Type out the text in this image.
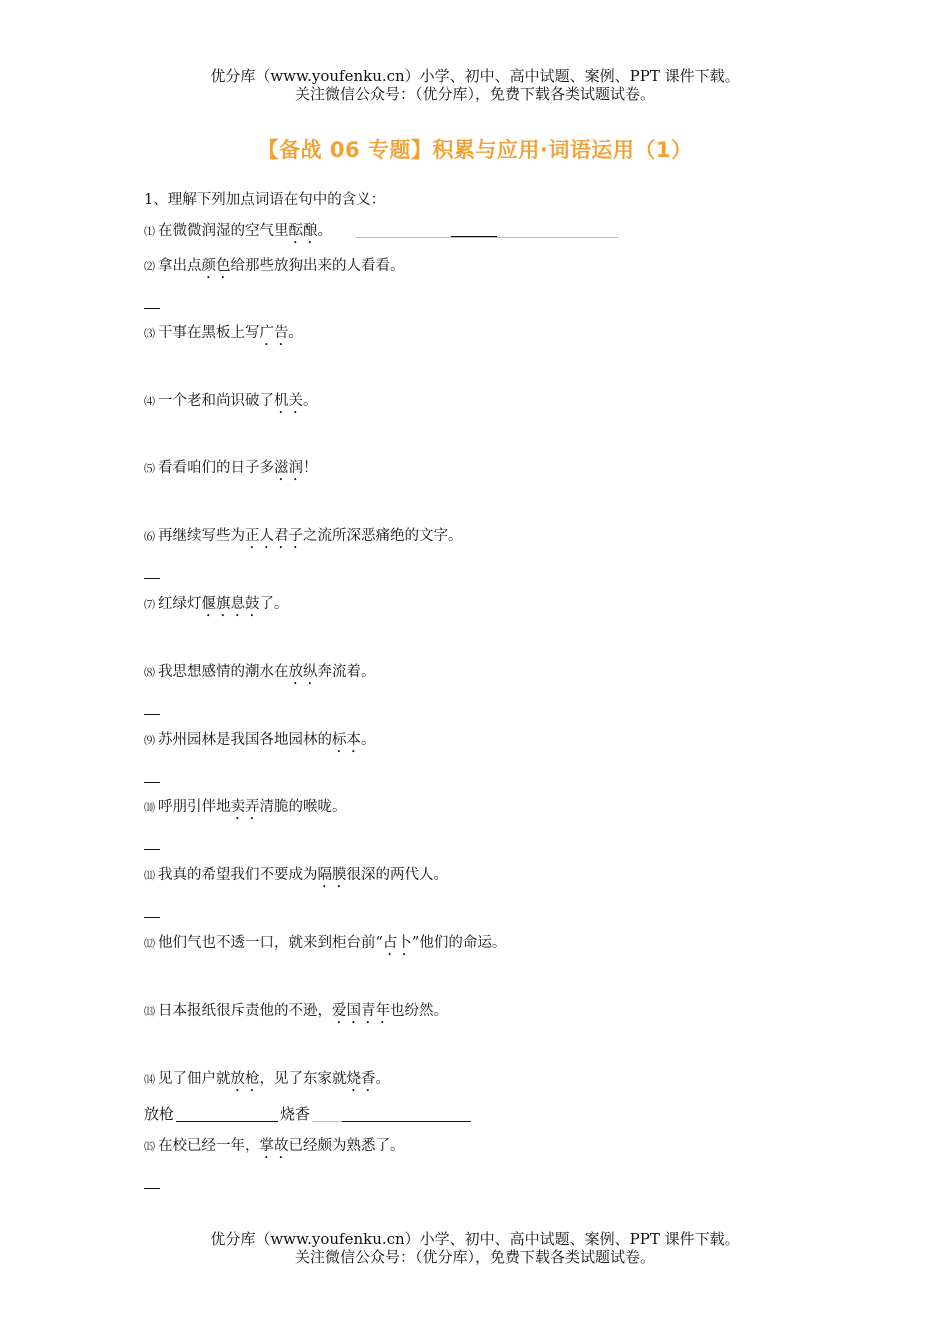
优分库（www.youfenku.cn）小学、初中、高中试题、案例、PPT 课件下载。
关注微信公众号：（优分库），免费下载各类试题试卷。
【备战 06 专题】积累与应用·词语运用（1）
1、理解下列加点词语在句中的含义：
⑴ 在微微润湿的空气里酝酿。
⑵ 拿出点颜色给那些放狗出来的人看看。
⑶ 干事在黑板上写广告。
⑷ 一个老和尚识破了机关。
⑸ 看看咱们的日子多滋润！
⑹ 再继续写些为正人君子之流所深恶痛绝的文字。
⑺ 红绿灯偃旗息鼓了。
⑻ 我思想感情的潮水在放纵奔流着。
⑼ 苏州园林是我国各地园林的标本。
⑽ 呼朋引伴地卖弄清脆的喉咙。
⑾ 我真的希望我们不要成为隔膜很深的两代人。
⑿ 他们气也不透一口，就来到柜台前“占卜”他们的命运。
⒀ 日本报纸很斥责他的不逊，爱国青年也纷然。
⒁ 见了佃户就放枪，见了东家就烧香。
放枪	烧香
⒂ 在校已经一年，掌故已经颇为熟悉了。
优分库（www.youfenku.cn）小学、初中、高中试题、案例、PPT 课件下载。
关注微信公众号：（优分库），免费下载各类试题试卷。
